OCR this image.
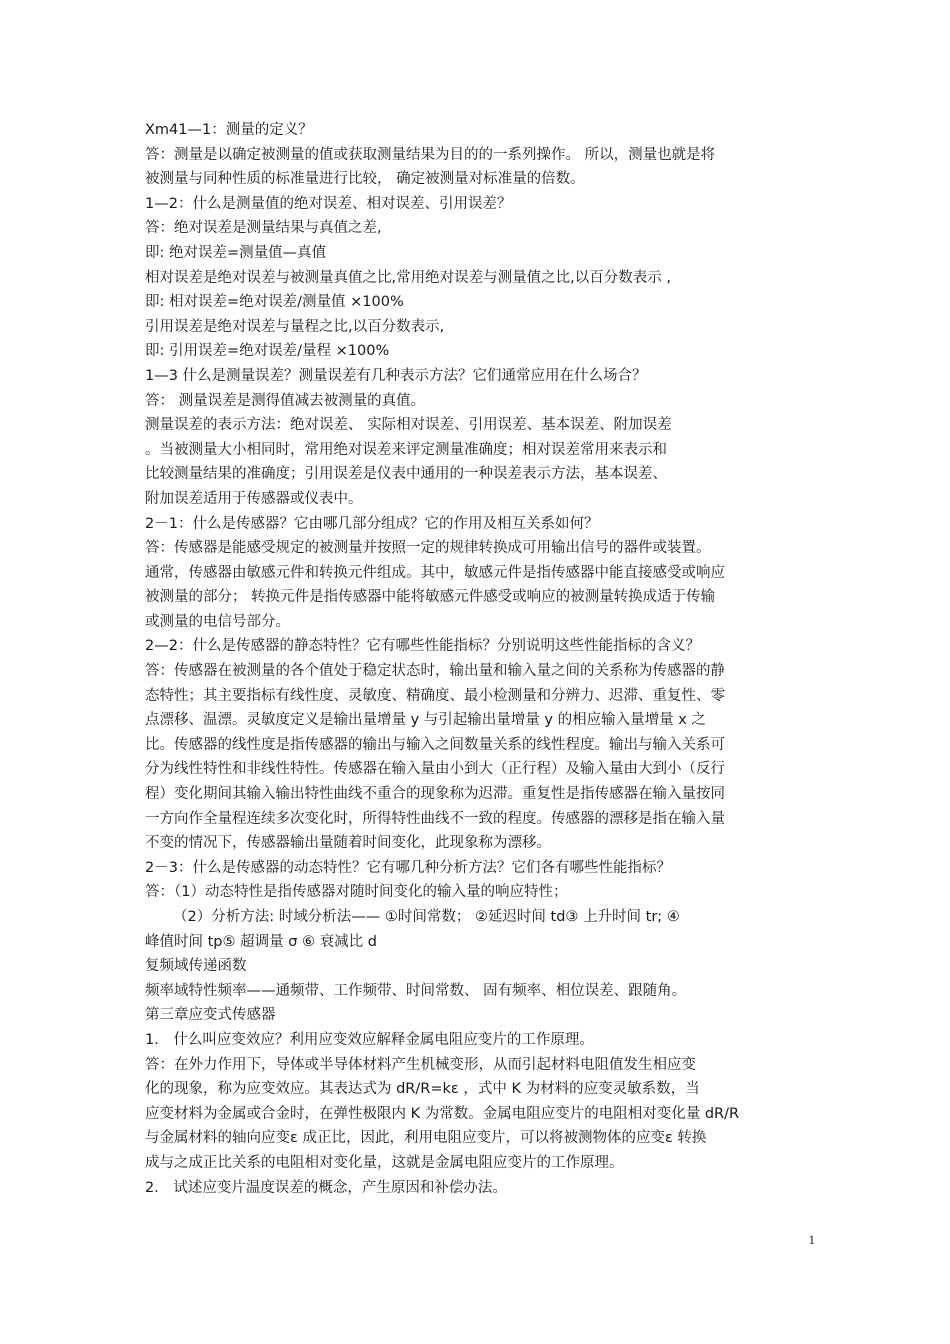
Xm41—1：测量的定义？
答：测量是以确定被测量的值或获取测量结果为目的的一系列操作。 所以，测量也就是将
被测量与同种性质的标准量进行比较， 确定被测量对标准量的倍数。
1—2：什么是测量值的绝对误差、相对误差、引用误差？
答：绝对误差是测量结果与真值之差,
即: 绝对误差=测量值—真值
相对误差是绝对误差与被测量真值之比,常用绝对误差与测量值之比,以百分数表示 ,
即: 相对误差=绝对误差/测量值 ×100%
引用误差是绝对误差与量程之比,以百分数表示,
即: 引用误差=绝对误差/量程 ×100%
1—3 什么是测量误差？测量误差有几种表示方法？它们通常应用在什么场合？
答： 测量误差是测得值减去被测量的真值。
测量误差的表示方法：绝对误差、 实际相对误差、引用误差、基本误差、附加误差
。当被测量大小相同时，常用绝对误差来评定测量准确度；相对误差常用来表示和
比较测量结果的准确度；引用误差是仪表中通用的一种误差表示方法，基本误差、
附加误差适用于传感器或仪表中。
2－1：什么是传感器？它由哪几部分组成？它的作用及相互关系如何？
答：传感器是能感受规定的被测量并按照一定的规律转换成可用输出信号的器件或装置。
通常，传感器由敏感元件和转换元件组成。其中，敏感元件是指传感器中能直接感受或响应
被测量的部分； 转换元件是指传感器中能将敏感元件感受或响应的被测量转换成适于传输
或测量的电信号部分。
2—2：什么是传感器的静态特性？它有哪些性能指标？分别说明这些性能指标的含义？
答：传感器在被测量的各个值处于稳定状态时，输出量和输入量之间的关系称为传感器的静
态特性；其主要指标有线性度、灵敏度、精确度、最小检测量和分辨力、迟滞、重复性、零
点漂移、温漂。灵敏度定义是输出量增量 y 与引起输出量增量 y 的相应输入量增量 x 之
比。传感器的线性度是指传感器的输出与输入之间数量关系的线性程度。输出与输入关系可
分为线性特性和非线性特性。传感器在输入量由小到大（正行程）及输入量由大到小（反行
程）变化期间其输入输出特性曲线不重合的现象称为迟滞。重复性是指传感器在输入量按同
一方向作全量程连续多次变化时，所得特性曲线不一致的程度。传感器的漂移是指在输入量
不变的情况下，传感器输出量随着时间变化，此现象称为漂移。
2－3：什么是传感器的动态特性？它有哪几种分析方法？它们各有哪些性能指标？
答：（1）动态特性是指传感器对随时间变化的输入量的响应特性；
（2）分析方法: 时域分析法—— ①时间常数； ②延迟时间 td③ 上升时间 tr; ④
峰值时间 tp⑤ 超调量 σ ⑥ 衰减比 d
复频域传递函数
频率域特性频率——通频带、工作频带、时间常数、 固有频率、相位误差、跟随角。
第三章应变式传感器
1． 什么叫应变效应？利用应变效应解释金属电阻应变片的工作原理。
答：在外力作用下，导体或半导体材料产生机械变形，从而引起材料电阻值发生相应变
化的现象，称为应变效应。其表达式为 dR/R=kε ，式中 K 为材料的应变灵敏系数，当
应变材料为金属或合金时，在弹性极限内 K 为常数。金属电阻应变片的电阻相对变化量 dR/R
与金属材料的轴向应变ε 成正比，因此，利用电阻应变片，可以将被测物体的应变ε 转换
成与之成正比关系的电阻相对变化量，这就是金属电阻应变片的工作原理。
2． 试述应变片温度误差的概念，产生原因和补偿办法。
1
